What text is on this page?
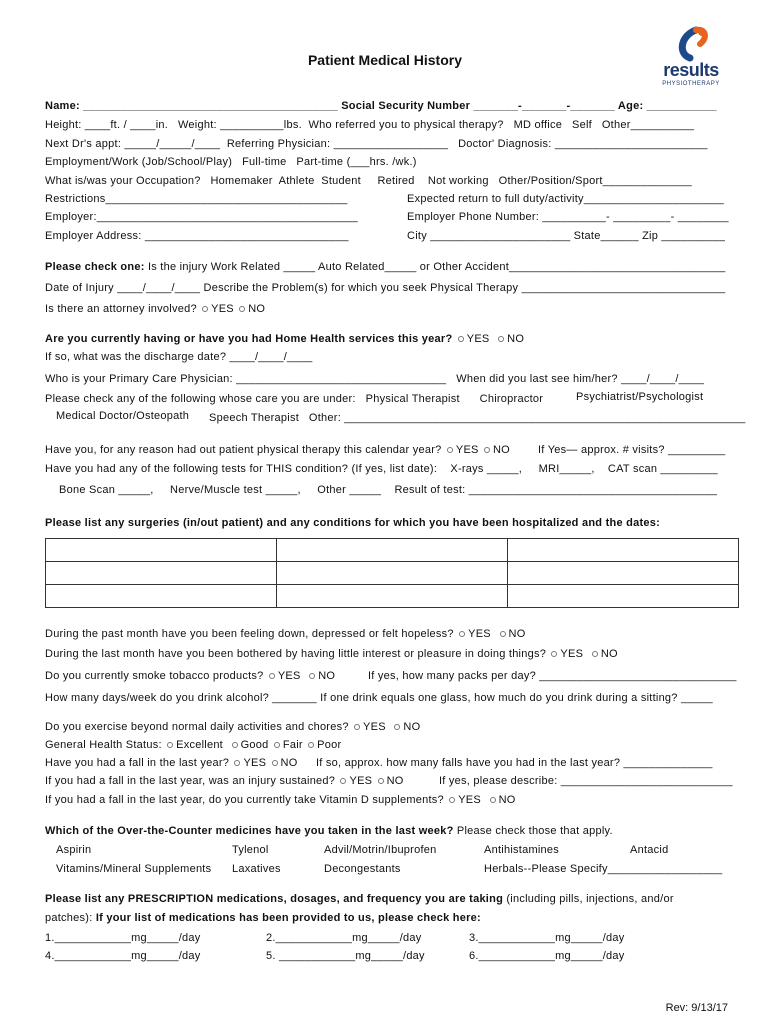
Patient Medical History	results
PHYSIOTHERAPY
Name: ________________________________________ Social Security Number _______-_______-_______ Age: ___________
Height: ____ft. / ____in.   Weight: __________lbs.  Who referred you to physical therapy?   MD office   Self   Other__________
Next Dr's appt: _____/_____/____  Referring Physician: __________________   Doctor' Diagnosis: ________________________
Employment/Work (Job/School/Play)   Full-time   Part-time (___hrs. /wk.)
What is/was your Occupation?   Homemaker  Athlete  Student     Retired    Not working   Other/Position/Sport______________
Restrictions______________________________________	Expected return to full duty/activity______________________
Employer:_________________________________________	Employer Phone Number: __________- _________- ________
Employer Address: ________________________________	City ______________________ State______ Zip __________
Please check one: Is the injury Work Related _____ Auto Related_____ or Other Accident__________________________________
Date of Injury ____/____/____ Describe the Problem(s) for which you seek Physical Therapy ________________________________
Is there an attorney involved? YES NO
Are you currently having or have you had Home Health services this year? YES NO
If so, what was the discharge date? ____/____/____
Who is your Primary Care Physician: _________________________________   When did you last see him/her? ____/____/____
Please check any of the following whose care you are under:   Physical Therapist      Chiropractor	Psychiatrist/Psychologist
Medical Doctor/Osteopath Speech Therapist   Other: _______________________________________________________________
Have you, for any reason had out patient physical therapy this calendar year? YES NO	If Yes— approx. # visits? _________
Have you had any of the following tests for THIS condition? (If yes, list date):    X-rays _____,     MRI_____,    CAT scan _________
Bone Scan _____,     Nerve/Muscle test _____,     Other _____    Result of test: _______________________________________
Please list any surgeries (in/out patient) and any conditions for which you have been hospitalized and the dates:

During the past month have you been feeling down, depressed or felt hopeless? YES NO
During the last month have you been bothered by having little interest or pleasure in doing things? YES NO
Do you currently smoke tobacco products? YES NO	If yes, how many packs per day? _______________________________
How many days/week do you drink alcohol? _______ If one drink equals one glass, how much do you drink during a sitting? _____
Do you exercise beyond normal daily activities and chores? YES NO
General Health Status: Excellent Good Fair Poor
Have you had a fall in the last year? YES NO If so, approx. how many falls have you had in the last year? ______________
If you had a fall in the last year, was an injury sustained? YES NO	If yes, please describe: ___________________________
If you had a fall in the last year, do you currently take Vitamin D supplements? YES NO
Which of the Over-the-Counter medicines have you taken in the last week? Please check those that apply.
Aspirin	Tylenol	Advil/Motrin/Ibuprofen	Antihistamines	Antacid
Vitamins/Mineral Supplements Laxatives	Decongestants	Herbals--Please Specify__________________
Please list any PRESCRIPTION medications, dosages, and frequency you are taking (including pills, injections, and/or
patches): If your list of medications has been provided to us, please check here:
1.____________mg_____/day	2.____________mg_____/day	3.____________mg_____/day
4.____________mg_____/day	5. ____________mg_____/day	6.____________mg_____/day
Rev: 9/13/17
